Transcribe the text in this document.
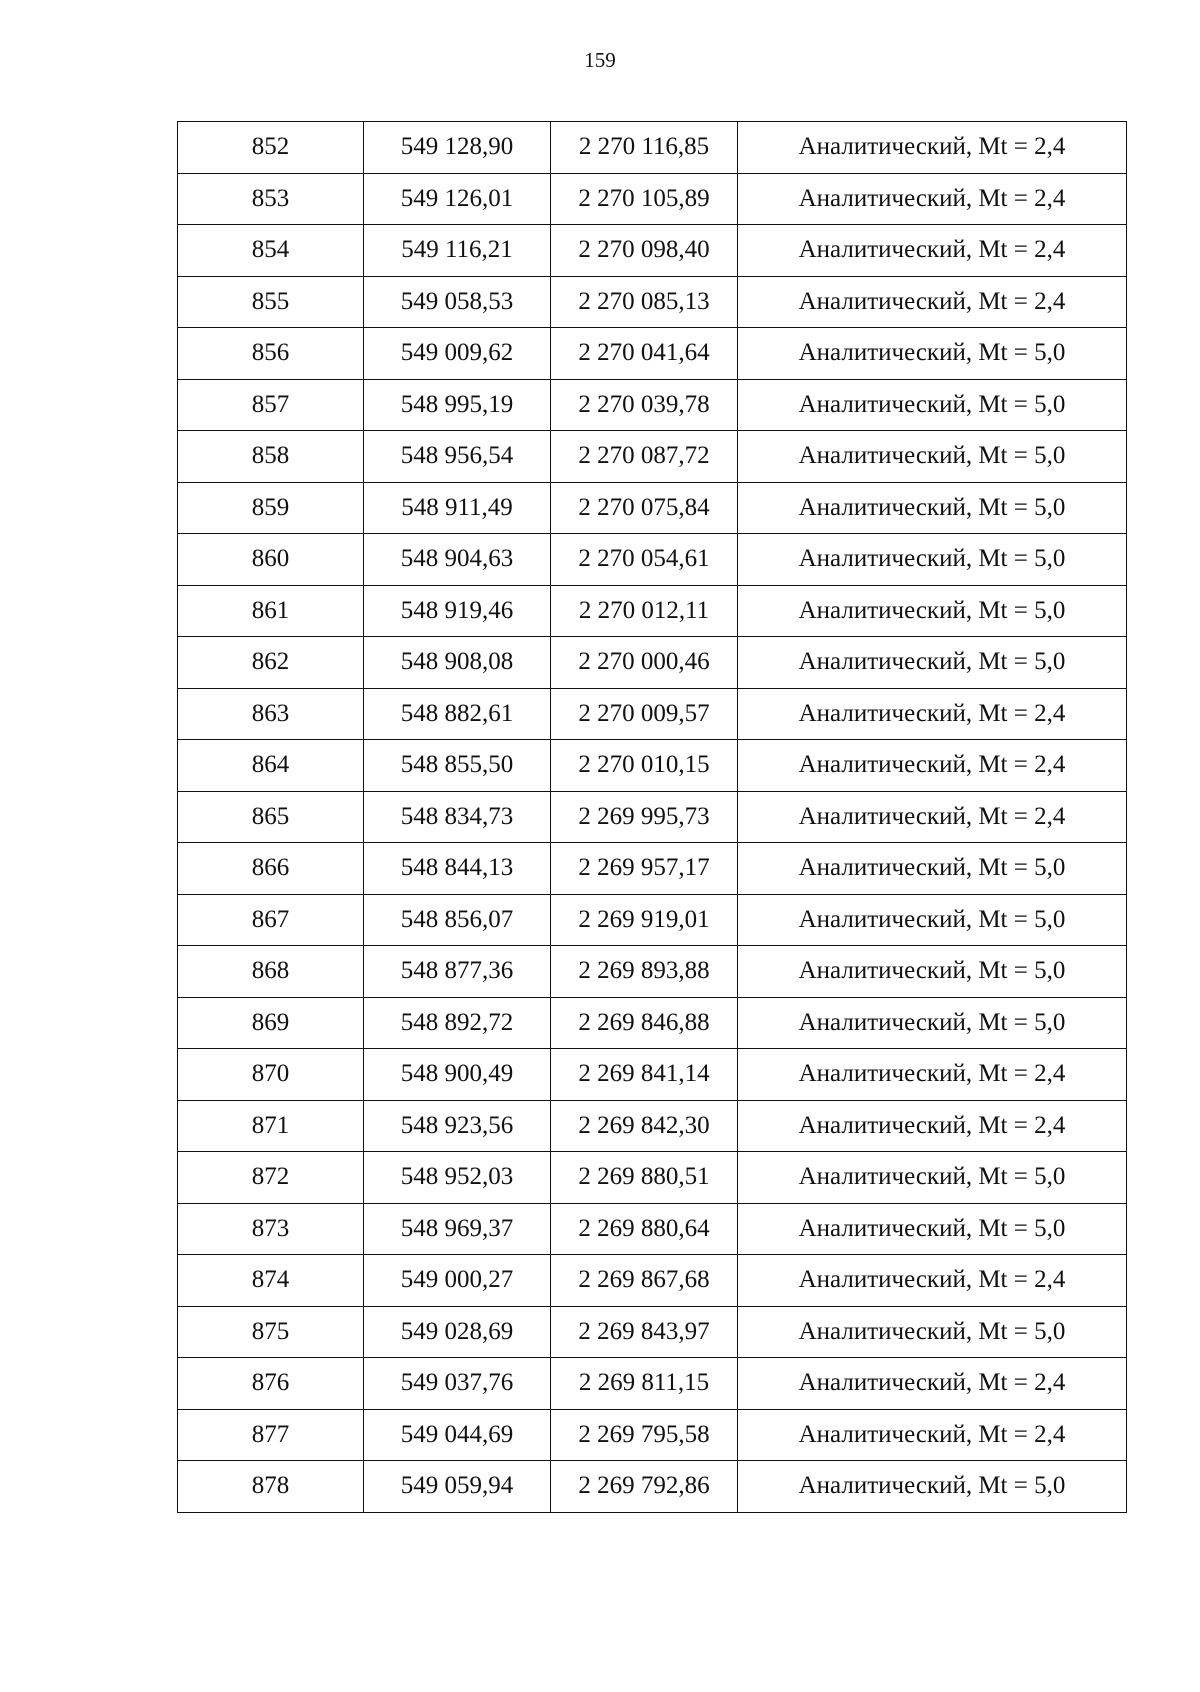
159
852	549 128,90	2 270 116,85	Аналитический, Mt = 2,4
853	549 126,01	2 270 105,89	Аналитический, Mt = 2,4
854	549 116,21	2 270 098,40	Аналитический, Mt = 2,4
855	549 058,53	2 270 085,13	Аналитический, Mt = 2,4
856	549 009,62	2 270 041,64	Аналитический, Mt = 5,0
857	548 995,19	2 270 039,78	Аналитический, Mt = 5,0
858	548 956,54	2 270 087,72	Аналитический, Mt = 5,0
859	548 911,49	2 270 075,84	Аналитический, Mt = 5,0
860	548 904,63	2 270 054,61	Аналитический, Mt = 5,0
861	548 919,46	2 270 012,11	Аналитический, Mt = 5,0
862	548 908,08	2 270 000,46	Аналитический, Mt = 5,0
863	548 882,61	2 270 009,57	Аналитический, Mt = 2,4
864	548 855,50	2 270 010,15	Аналитический, Mt = 2,4
865	548 834,73	2 269 995,73	Аналитический, Mt = 2,4
866	548 844,13	2 269 957,17	Аналитический, Mt = 5,0
867	548 856,07	2 269 919,01	Аналитический, Mt = 5,0
868	548 877,36	2 269 893,88	Аналитический, Mt = 5,0
869	548 892,72	2 269 846,88	Аналитический, Mt = 5,0
870	548 900,49	2 269 841,14	Аналитический, Mt = 2,4
871	548 923,56	2 269 842,30	Аналитический, Mt = 2,4
872	548 952,03	2 269 880,51	Аналитический, Mt = 5,0
873	548 969,37	2 269 880,64	Аналитический, Mt = 5,0
874	549 000,27	2 269 867,68	Аналитический, Mt = 2,4
875	549 028,69	2 269 843,97	Аналитический, Mt = 5,0
876	549 037,76	2 269 811,15	Аналитический, Mt = 2,4
877	549 044,69	2 269 795,58	Аналитический, Mt = 2,4
878	549 059,94	2 269 792,86	Аналитический, Mt = 5,0
